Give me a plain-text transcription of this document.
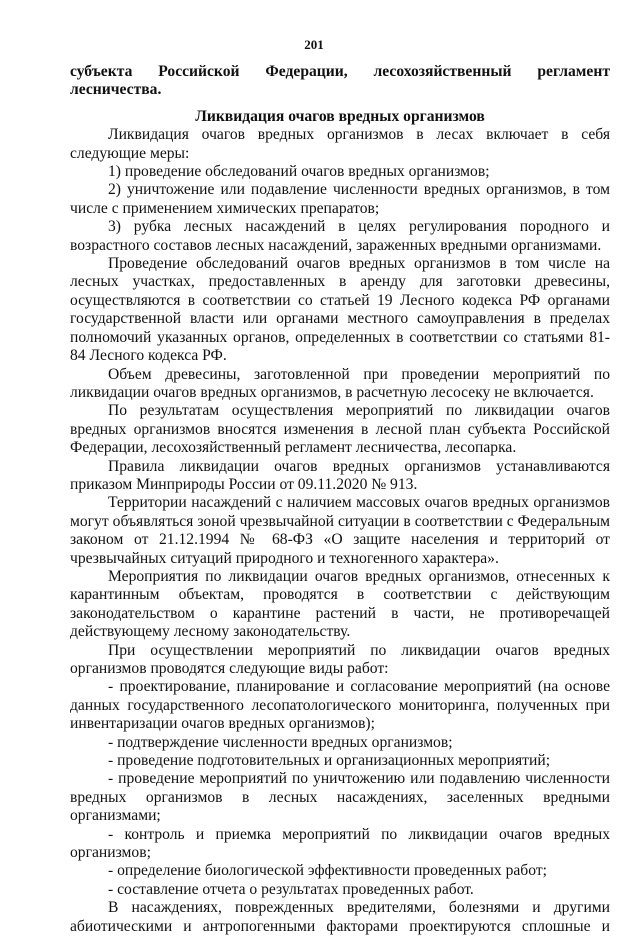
201

субъекта Российской Федерации, лесохозяйственный регламент лесничества.

Ликвидация очагов вредных организмов

Ликвидация очагов вредных организмов в лесах включает в себя следующие меры:

1) проведение обследований очагов вредных организмов;

2) уничтожение или подавление численности вредных организмов, в том числе с применением химических препаратов;

3) рубка лесных насаждений в целях регулирования породного и возрастного составов лесных насаждений, зараженных вредными организмами.

Проведение обследований очагов вредных организмов в том числе на лесных участках, предоставленных в аренду для заготовки древесины, осуществляются в соответствии со статьей 19 Лесного кодекса РФ органами государственной власти или органами местного самоуправления в пределах полномочий указанных органов, определенных в соответствии со статьями 81-84 Лесного кодекса РФ.

Объем древесины, заготовленной при проведении мероприятий по ликвидации очагов вредных организмов, в расчетную лесосеку не включается.

По результатам осуществления мероприятий по ликвидации очагов вредных организмов вносятся изменения в лесной план субъекта Российской Федерации, лесохозяйственный регламент лесничества, лесопарка.

Правила ликвидации очагов вредных организмов устанавливаются приказом Минприроды России от 09.11.2020 № 913.

Территории насаждений с наличием массовых очагов вредных организмов могут объявляться зоной чрезвычайной ситуации в соответствии с Федеральным законом от 21.12.1994 № 68-ФЗ «О защите населения и территорий от чрезвычайных ситуаций природного и техногенного характера».

Мероприятия по ликвидации очагов вредных организмов, отнесенных к карантинным объектам, проводятся в соответствии с действующим законодательством о карантине растений в части, не противоречащей действующему лесному законодательству.

При осуществлении мероприятий по ликвидации очагов вредных организмов проводятся следующие виды работ:

- проектирование, планирование и согласование мероприятий (на основе данных государственного лесопатологического мониторинга, полученных при инвентаризации очагов вредных организмов);

- подтверждение численности вредных организмов;

- проведение подготовительных и организационных мероприятий;

- проведение мероприятий по уничтожению или подавлению численности вредных организмов в лесных насаждениях, заселенных вредными организмами;

- контроль и приемка мероприятий по ликвидации очагов вредных организмов;

- определение биологической эффективности проведенных работ;

- составление отчета о результатах проведенных работ.

В насаждениях, поврежденных вредителями, болезнями и другими абиотическими и антропогенными факторами проектируются сплошные и
